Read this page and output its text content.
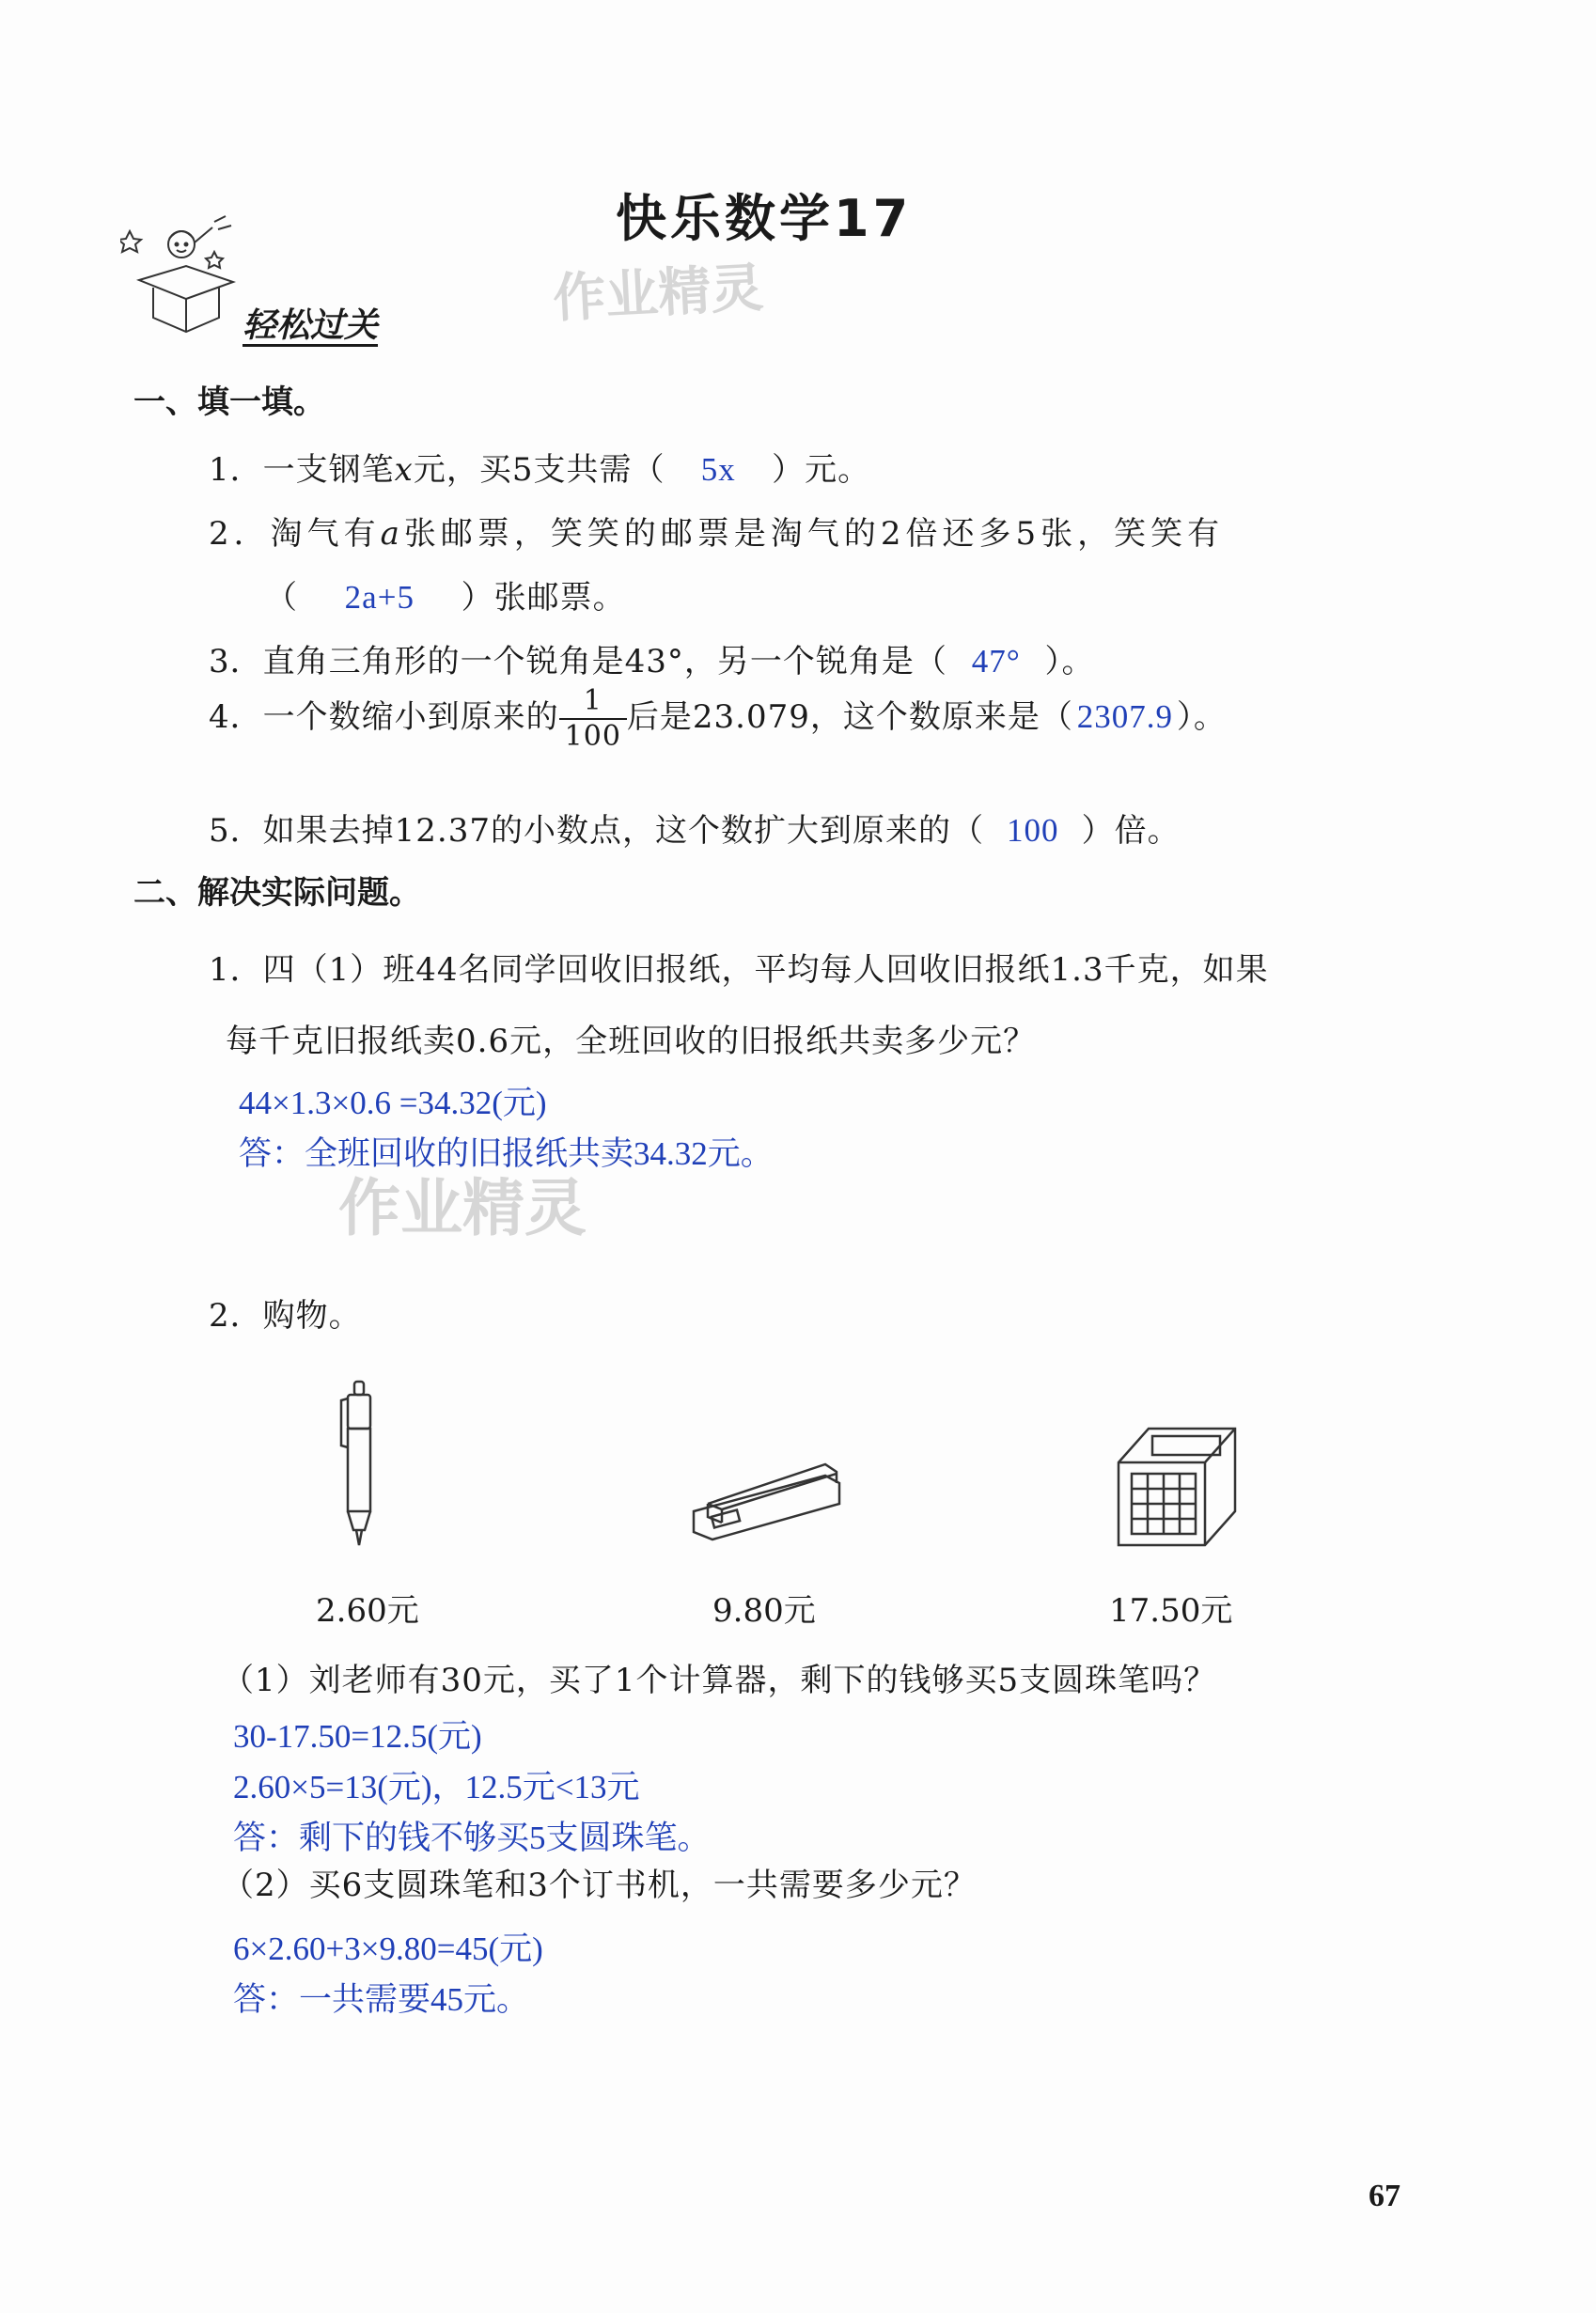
快乐数学17
轻松过关	作业精灵
一、填一填。
1．一支钢笔x元，买5支共需（ 5x ）元。
2．淘气有a张邮票，笑笑的邮票是淘气的2倍还多5张，笑笑有
（ 2a+5 ）张邮票。
3．直角三角形的一个锐角是43°，另一个锐角是（ 47° ）。
4．一个数缩小到原来的 $\frac{1}{100}$ 后是23.079，这个数原来是（ 2307.9 ）。
5．如果去掉12.37的小数点，这个数扩大到原来的（ 100 ）倍。
二、解决实际问题。
1．四（1）班44名同学回收旧报纸，平均每人回收旧报纸1.3千克，如果
每千克旧报纸卖0.6元，全班回收的旧报纸共卖多少元？
44×1.3×0.6 =34.32(元)
答：全班回收的旧报纸共卖34.32元。
作业精灵
2．购物。
2.60元	9.80元	17.50元
（1）刘老师有30元，买了1个计算器，剩下的钱够买5支圆珠笔吗？
30-17.50=12.5(元)
2.60×5=13(元)，12.5元<13元
答：剩下的钱不够买5支圆珠笔。
（2）买6支圆珠笔和3个订书机，一共需要多少元？
6×2.60+3×9.80=45(元)
答：一共需要45元。
67
